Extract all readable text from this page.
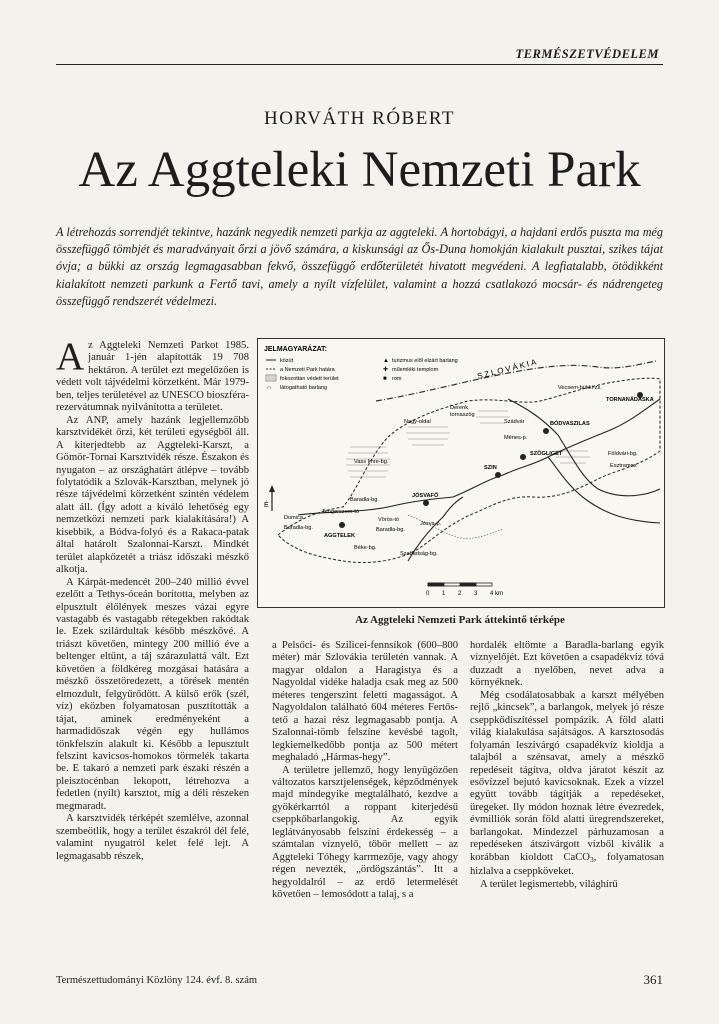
TERMÉSZETVÉDELEM
HORVÁTH RÓBERT
Az Aggteleki Nemzeti Park
A létrehozás sorrendjét tekintve, hazánk negyedik nemzeti parkja az aggteleki. A hortobágyi, a hajdani erdős puszta ma még összefüggő tömbjét és maradványait őrzi a jövő számára, a kiskunsági az Ős-Duna homokján kialakult pusztai, szikes tájat óvja; a bükki az ország legmagasabban fekvő, összefüggő erdőterületét hivatott megvédeni. A legfiatalabb, ötödikként kialakított nemzeti parkunk a Fertő tavi, amely a nyílt vízfelület, valamint a hozzá csatlakozó mocsár- és nádrengeteg összefüggő rendszerét védelmezi.

Az Aggteleki Nemzeti Parkot 1985. január 1-jén alapították 19 708 hektáron. A terület ezt megelőzően is védett volt tájvédelmi körzetként. Már 1979-ben, teljes területével az UNESCO bioszféra-rezervátumnak nyilvánította a területet.

Az ANP, amely hazánk legjellemzőbb karsztvidékét őrzi, két területi egységből áll. A kiterjedtebb az Aggteleki-Karszt, a Gömör-Tornai Karsztvidék része. Északon és nyugaton – az országhatárt átlépve – tovább folytatódik a Szlovák-Karsztban, melynek jó része tájvédelmi körzetként szintén védelem alatt áll. (Így adott a kiváló lehetőség egy nemzetközi nemzeti park kialakítására!) A kisebbik, a Bódva-folyó és a Rakaca-patak által határolt Szalonnai-Karszt. Mindkét terület alapkőzetét a triász időszaki mészkő alkotja.

A Kárpát-medencét 200–240 millió évvel ezelőtt a Tethys-óceán borította, melyben az elpusztult élőlények meszes vázai egyre vastagabb és vastagabb rétegekben rakódtak le. Ezek szilárdultak később mészkővé. A triászt követően, mintegy 200 millió éve a beltenger eltűnt, a táj szárazulattá vált. Ezt követően a földkéreg mozgásai hatására a mészkő összetöredezett, a törések mentén elmozdult, felgyűrődött. A külső erők (szél, víz) eközben folyamatosan pusztították a tájat, aminek eredményeként a harmadidőszak végén egy hullámos tönkfelszín alakult ki. Később a lepusztult felszínt kavicsos-homokos törmelék takarta be. E takaró a nemzeti park északi részén a pleisztocénban lekopott, létrehozva a fedetlen (nyílt) karsztot, míg a déli részeken megmaradt.

A karsztvidék térképét szemlélve, azonnal szembeötlik, hogy a terület északról dél felé, valamint nyugatról kelet felé lejt. A legmagasabb részek,

JELMAGYARÁZAT:
közút
a Nemzeti Park határa
fokozottan védett terület
∩ látogatható barlang
▲ turizmus elől elzárt barlang
✚ műemléki templom
■ rom	SZLOVÁKIA
Vecsem-bükki-zs.
TORNANÁDASKA
Derenk
tornaszög
Szádvár	BÓDVASZILAS
Ménes-p.
Nagy-oldal
SZÖGLIGET	Földvári-bg.
Esztramos
SZIN
Vass Imre-bg.
Baradla-bg.
JÓSVAFŐ
Domica
Tengerszem-tó
Baradla-bg.
Vörös-tó
Jósva-p.
Baradla-bg.
AGGTELEK
Béke-bg.
Szabadság-bg.
É
0 1 2 3 4 km
Az Aggteleki Nemzeti Park áttekintő térképe

a Pelsőci- és Szilicei-fennsíkok (600–800 méter) már Szlovákia területén vannak. A magyar oldalon a Haragistya és a Nagyoldal vidéke haladja csak meg az 500 méteres tengerszint feletti magasságot. A Nagyoldalon található 604 méteres Fertős-tető a hazai rész legmagasabb pontja. A Szalonnai-tömb felszíne kevésbé tagolt, legkiemelkedőbb pontja az 500 métert meghaladó „Hármas-hegy”.

A területre jellemző, hogy lenyűgözően változatos karsztjelenségek, képződmények majd mindegyike megtalálható, kezdve a gyökérkarrtól a roppant kiterjedésű cseppkőbarlangokig. Az egyik leglátványosabb felszíni érdekesség – a számtalan víznyelő, töbör mellett – az Aggteleki Tóhegy karrmezője, vagy ahogy régen nevezték, „ördögszántás”. Itt a hegyoldalról – az erdő letermelését követően – lemosódott a talaj, s a

hordalék eltömte a Baradla-barlang egyik víznyelőjét. Ezt követően a csapadékvíz tóvá duzzadt a nyelőben, nevet adva a környéknek.

Még csodálatosabbak a karszt mélyében rejlő „kincsek”, a barlangok, melyek jó része cseppkődíszítéssel pompázik. A föld alatti világ kialakulása sajátságos. A karsztosodás folyamán leszivárgó csapadékvíz kioldja a talajból a szénsavat, amely a mészkő repedéseit tágítva, oldva járatot készít az esővízzel bejutó kavicsoknak. Ezek a vízzel együtt tovább tágítják a repedéseket, üregeket. Ily módon hoznak létre évezredek, évmilliók során föld alatti üregrendszereket, barlangokat. Mindezzel párhuzamosan a repedéseken átszivárgott vízből kiválik a korábban kioldott CaCO$_3$, folyamatosan hizlalva a cseppköveket.

A terület legismertebb, világhírű

Természettudományi Közlöny 124. évf. 8. szám	361
